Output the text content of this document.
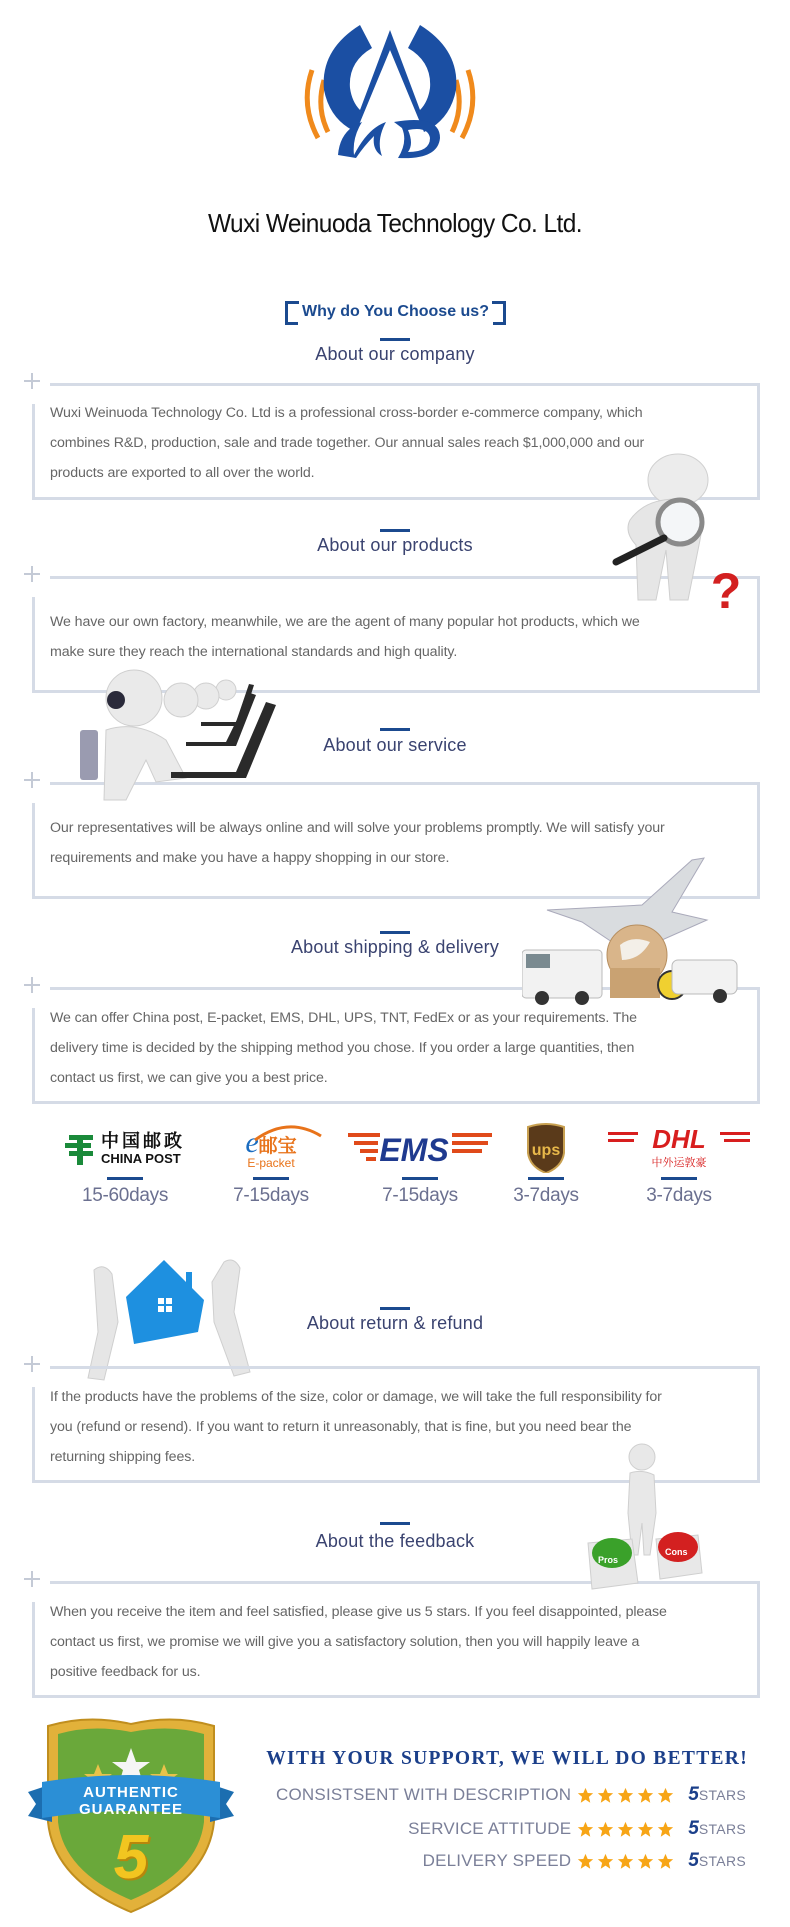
Wuxi Weinuoda Technology Co. Ltd.
Why do You Choose us?
About our company

Wuxi Weinuoda Technology Co. Ltd is a professional cross-border e-commerce company, which

combines R&D, production, sale and trade together. Our annual sales reach $1,000,000 and our

products are exported to all over the world.

About our products

We have our own factory, meanwhile, we are the agent of many popular hot products, which we

make sure they reach the international standards and high quality.

?
About our service

Our representatives will be always online and will solve your problems promptly. We will satisfy your

requirements and make you have a happy shopping in our store.

About shipping & delivery

We can offer China post, E-packet, EMS, DHL, UPS, TNT, FedEx or as your requirements. The

delivery time is decided by the shipping method you chose. If you order a large quantities, then

contact us first, we can give you a best price.

中国邮政
CHINA POST
15-60days
e邮宝
E-packet
7-15days
EMS
7-15days
ups
3-7days
DHL
中外运敦豪
3-7days
About return & refund

If the products have the problems of the size, color or damage, we will take the full responsibility for

you (refund or resend). If you want to return it unreasonably, that is fine, but you need bear the

returning shipping fees.

About the feedback

When you receive the item and feel satisfied, please give us 5 stars. If you feel disappointed, please

contact us first, we promise we will give you a satisfactory solution, then you will happily leave a

positive feedback for us.

Pros
Cons
AUTHENTIC
GUARANTEE
5
WITH YOUR SUPPORT, WE WILL DO BETTER!
CONSISTSENT WITH DESCRIPTION	5 STARS
SERVICE ATTITUDE	5 STARS
DELIVERY SPEED	5 STARS
